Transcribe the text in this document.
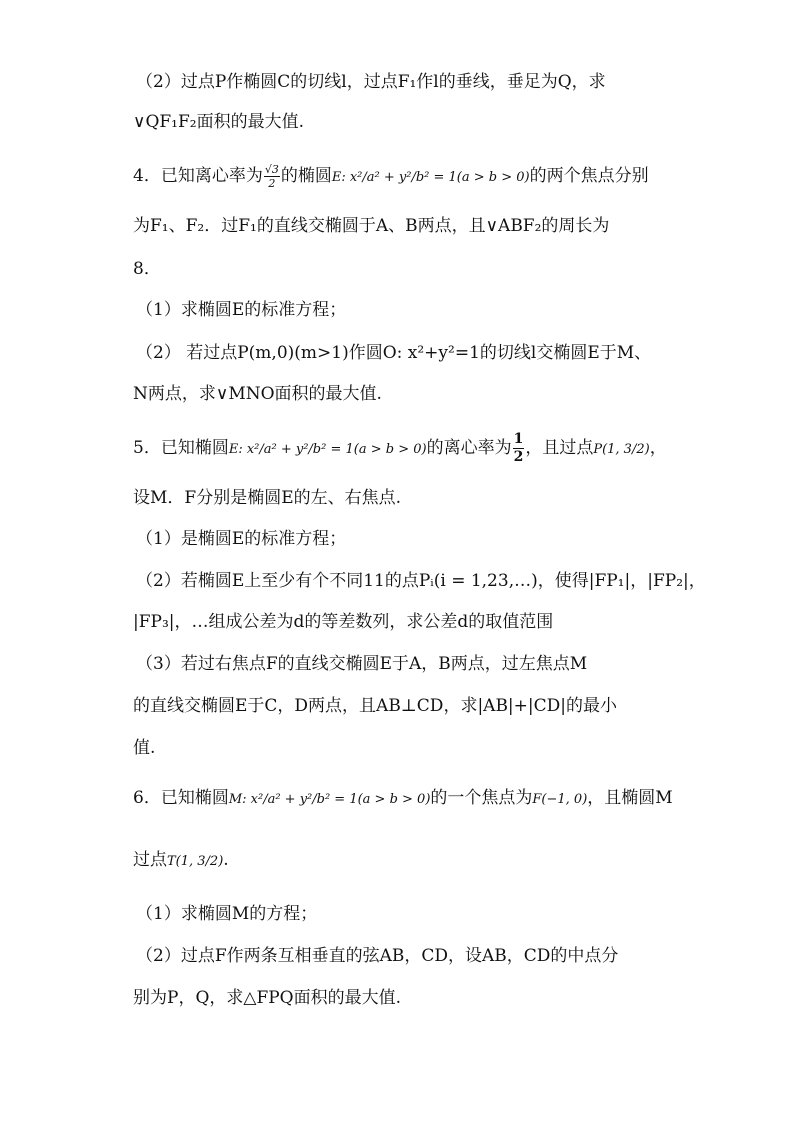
（2）过点P作椭圆C的切线l，过点F₁作l的垂线，垂足为Q，求
∨QF₁F₂面积的最大值.
4．已知离心率为 $\frac{√3}{2}$ 的椭圆E: x²/a² + y²/b² = 1(a > b > 0)的两个焦点分别
为F₁、F₂．过F₁的直线交椭圆于A、B两点，且∨ABF₂的周长为
8．
（1）求椭圆E的标准方程；
（2） 若过点P(m,0)(m>1)作圆O: x²+y²=1的切线l交椭圆E于M、
N两点，求∨MNO面积的最大值.
5．已知椭圆E: x²/a² + y²/b² = 1(a > b > 0)的离心率为 $\frac{1}{2}$ ，且过点P(1, 3/2)，
设M．F分别是椭圆E的左、右焦点.
（1）是椭圆E的标准方程；
（2）若椭圆E上至少有个不同11的点Pᵢ(i = 1,23,…)，使得|FP₁|，|FP₂|，
|FP₃|，…组成公差为d的等差数列，求公差d的取值范围
（3）若过右焦点F的直线交椭圆E于A，B两点，过左焦点M
的直线交椭圆E于C，D两点，且AB⊥CD，求|AB|+|CD|的最小
值.
6．已知椭圆M: x²/a² + y²/b² = 1(a > b > 0)的一个焦点为F(−1, 0)，且椭圆M
过点T(1, 3/2).
（1）求椭圆M的方程；
（2）过点F作两条互相垂直的弦AB，CD，设AB，CD的中点分
别为P，Q，求△FPQ面积的最大值.
